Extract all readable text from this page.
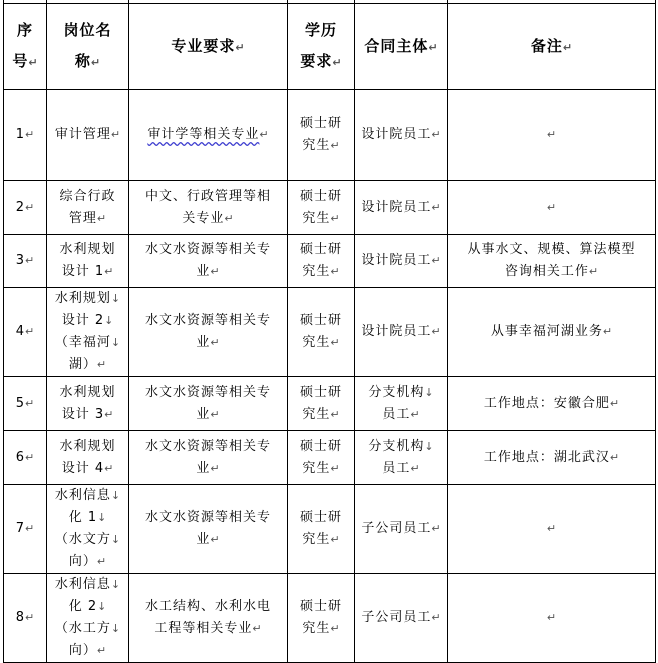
序
号↵	岗位名
称↵	专业要求↵	学历
要求↵	合同主体↵	备注↵
1↵	审计管理↵	审计学等相关专业↵	硕士研
究生↵	设计院员工↵	↵
2↵	综合行政
管理↵	中文、行政管理等相
关专业↵	硕士研
究生↵	设计院员工↵	↵
3↵	水利规划
设计 1↵	水文水资源等相关专
业↵	硕士研
究生↵	设计院员工↵	从事水文、规模、算法模型
咨询相关工作↵
4↵	水利规划↓
设计 2↓
（幸福河↓
湖）↵	水文水资源等相关专
业↵	硕士研
究生↵	设计院员工↵	从事幸福河湖业务↵
5↵	水利规划
设计 3↵	水文水资源等相关专
业↵	硕士研
究生↵	分支机构↓
员工↵	工作地点：安徽合肥↵
6↵	水利规划
设计 4↵	水文水资源等相关专
业↵	硕士研
究生↵	分支机构↓
员工↵	工作地点：湖北武汉↵
7↵	水利信息↓
化 1↓
（水文方↓
向）↵	水文水资源等相关专
业↵	硕士研
究生↵	子公司员工↵	↵
8↵	水利信息↓
化 2↓
（水工方↓
向）↵	水工结构、水利水电
工程等相关专业↵	硕士研
究生↵	子公司员工↵	↵
